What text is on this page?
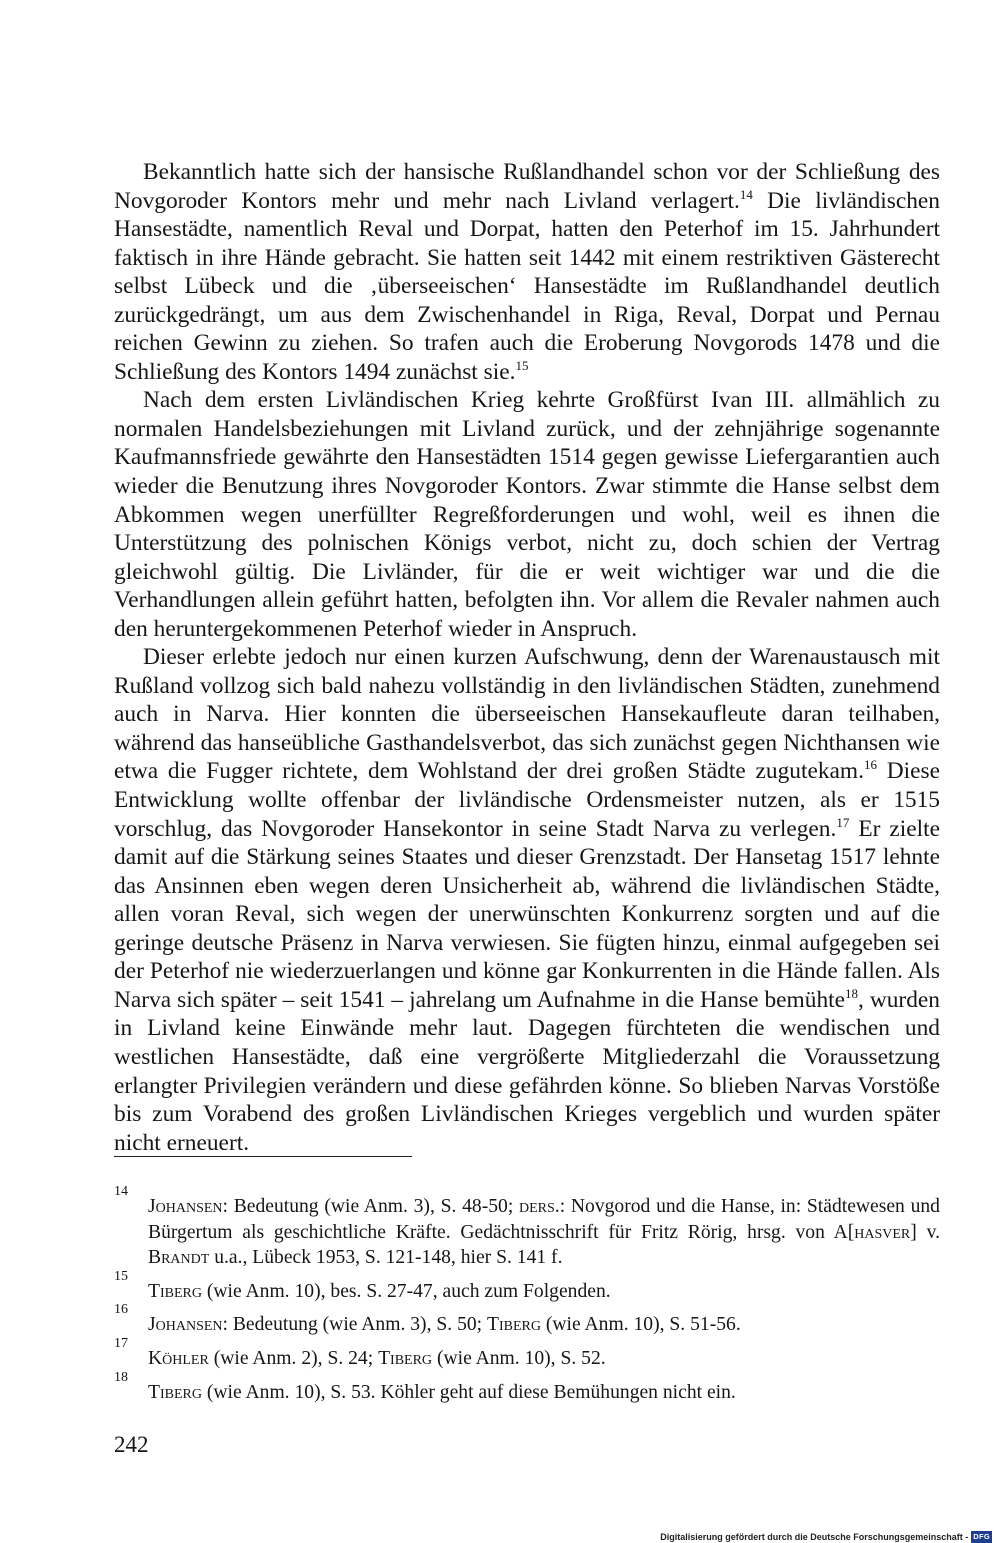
Bekanntlich hatte sich der hansische Rußlandhandel schon vor der Schließung des Novgoroder Kontors mehr und mehr nach Livland verlagert.$^{14}$ Die livländischen Hansestädte, namentlich Reval und Dorpat, hatten den Peterhof im 15. Jahrhundert faktisch in ihre Hände gebracht. Sie hatten seit 1442 mit einem restriktiven Gästerecht selbst Lübeck und die ‚überseeischen‘ Hansestädte im Rußlandhandel deutlich zurückgedrängt, um aus dem Zwischenhandel in Riga, Reval, Dorpat und Pernau reichen Gewinn zu ziehen. So trafen auch die Eroberung Novgorods 1478 und die Schließung des Kontors 1494 zunächst sie.$^{15}$

Nach dem ersten Livländischen Krieg kehrte Großfürst Ivan III. allmählich zu normalen Handelsbeziehungen mit Livland zurück, und der zehnjährige sogenannte Kaufmannsfriede gewährte den Hansestädten 1514 gegen gewisse Liefergarantien auch wieder die Benutzung ihres Novgoroder Kontors. Zwar stimmte die Hanse selbst dem Abkommen wegen unerfüllter Regreßforderungen und wohl, weil es ihnen die Unterstützung des polnischen Königs verbot, nicht zu, doch schien der Vertrag gleichwohl gültig. Die Livländer, für die er weit wichtiger war und die die Verhandlungen allein geführt hatten, befolgten ihn. Vor allem die Revaler nahmen auch den heruntergekommenen Peterhof wieder in Anspruch.

Dieser erlebte jedoch nur einen kurzen Aufschwung, denn der Warenaustausch mit Rußland vollzog sich bald nahezu vollständig in den livländischen Städten, zunehmend auch in Narva. Hier konnten die überseeischen Hansekaufleute daran teilhaben, während das hanseübliche Gasthandelsverbot, das sich zunächst gegen Nichthansen wie etwa die Fugger richtete, dem Wohlstand der drei großen Städte zugutekam.$^{16}$ Diese Entwicklung wollte offenbar der livländische Ordensmeister nutzen, als er 1515 vorschlug, das Novgoroder Hansekontor in seine Stadt Narva zu verlegen.$^{17}$ Er zielte damit auf die Stärkung seines Staates und dieser Grenzstadt. Der Hansetag 1517 lehnte das Ansinnen eben wegen deren Unsicherheit ab, während die livländischen Städte, allen voran Reval, sich wegen der unerwünschten Konkurrenz sorgten und auf die geringe deutsche Präsenz in Narva verwiesen. Sie fügten hinzu, einmal aufgegeben sei der Peterhof nie wiederzuerlangen und könne gar Konkurrenten in die Hände fallen. Als Narva sich später – seit 1541 – jahrelang um Aufnahme in die Hanse bemühte$^{18}$, wurden in Livland keine Einwände mehr laut. Dagegen fürchteten die wendischen und westlichen Hansestädte, daß eine vergrößerte Mitgliederzahl die Voraussetzung erlangter Privilegien verändern und diese gefährden könne. So blieben Narvas Vorstöße bis zum Vorabend des großen Livländischen Krieges vergeblich und wurden später nicht erneuert.

14
Johansen: Bedeutung (wie Anm. 3), S. 48-50; ders.: Novgorod und die Hanse, in: Städtewesen und Bürgertum als geschichtliche Kräfte. Gedächtnisschrift für Fritz Rörig, hrsg. von A[hasver] v. Brandt u.a., Lübeck 1953, S. 121-148, hier S. 141 f.
15
Tiberg (wie Anm. 10), bes. S. 27-47, auch zum Folgenden.
16
Johansen: Bedeutung (wie Anm. 3), S. 50; Tiberg (wie Anm. 10), S. 51-56.
17
Köhler (wie Anm. 2), S. 24; Tiberg (wie Anm. 10), S. 52.
18
Tiberg (wie Anm. 10), S. 53. Köhler geht auf diese Bemühungen nicht ein.
242
Digitalisierung gefördert durch die Deutsche Forschungsgemeinschaft - DFG
